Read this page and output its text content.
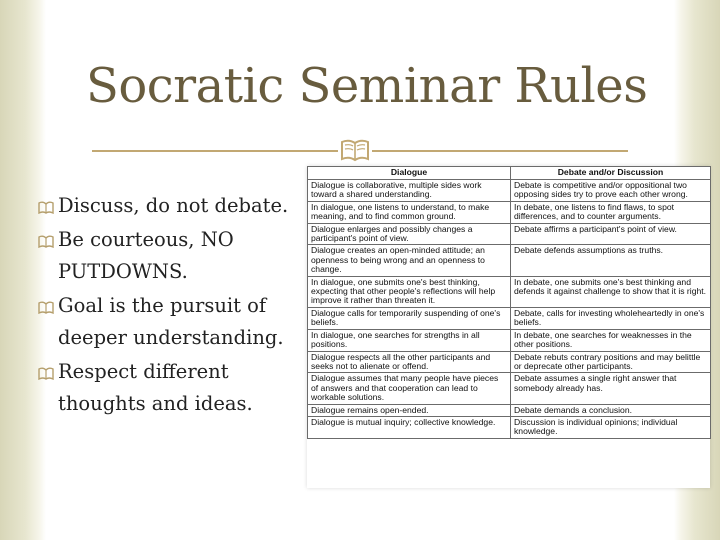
Socratic Seminar Rules
Discuss, do not debate.
Be courteous, NO PUTDOWNS.
Goal is the pursuit of deeper understanding.
Respect different thoughts and ideas.
Dialogue	Debate and/or Discussion
Dialogue is collaborative, multiple sides work toward a shared understanding.	Debate is competitive and/or oppositional two opposing sides try to prove each other wrong.
In dialogue, one listens to understand, to make meaning, and to find common ground.	In debate, one listens to find flaws, to spot differences, and to counter arguments.
Dialogue enlarges and possibly changes a participant's point of view.	Debate affirms a participant's point of view.
Dialogue creates an open-minded attitude; an openness to being wrong and an openness to change.	Debate defends assumptions as truths.
In dialogue, one submits one's best thinking, expecting that other people's reflections will help improve it rather than threaten it.	In debate, one submits one's best thinking and defends it against challenge to show that it is right.
Dialogue calls for temporarily suspending of one's beliefs.	Debate, calls for investing wholeheartedly in one's beliefs.
In dialogue, one searches for strengths in all positions.	In debate, one searches for weaknesses in the other positions.
Dialogue respects all the other participants and seeks not to alienate or offend.	Debate rebuts contrary positions and may belittle or deprecate other participants.
Dialogue assumes that many people have pieces of answers and that cooperation can lead to workable solutions.	Debate assumes a single right answer that somebody already has.
Dialogue remains open-ended.	Debate demands a conclusion.
Dialogue is mutual inquiry; collective knowledge.	Discussion is individual opinions; individual knowledge.
